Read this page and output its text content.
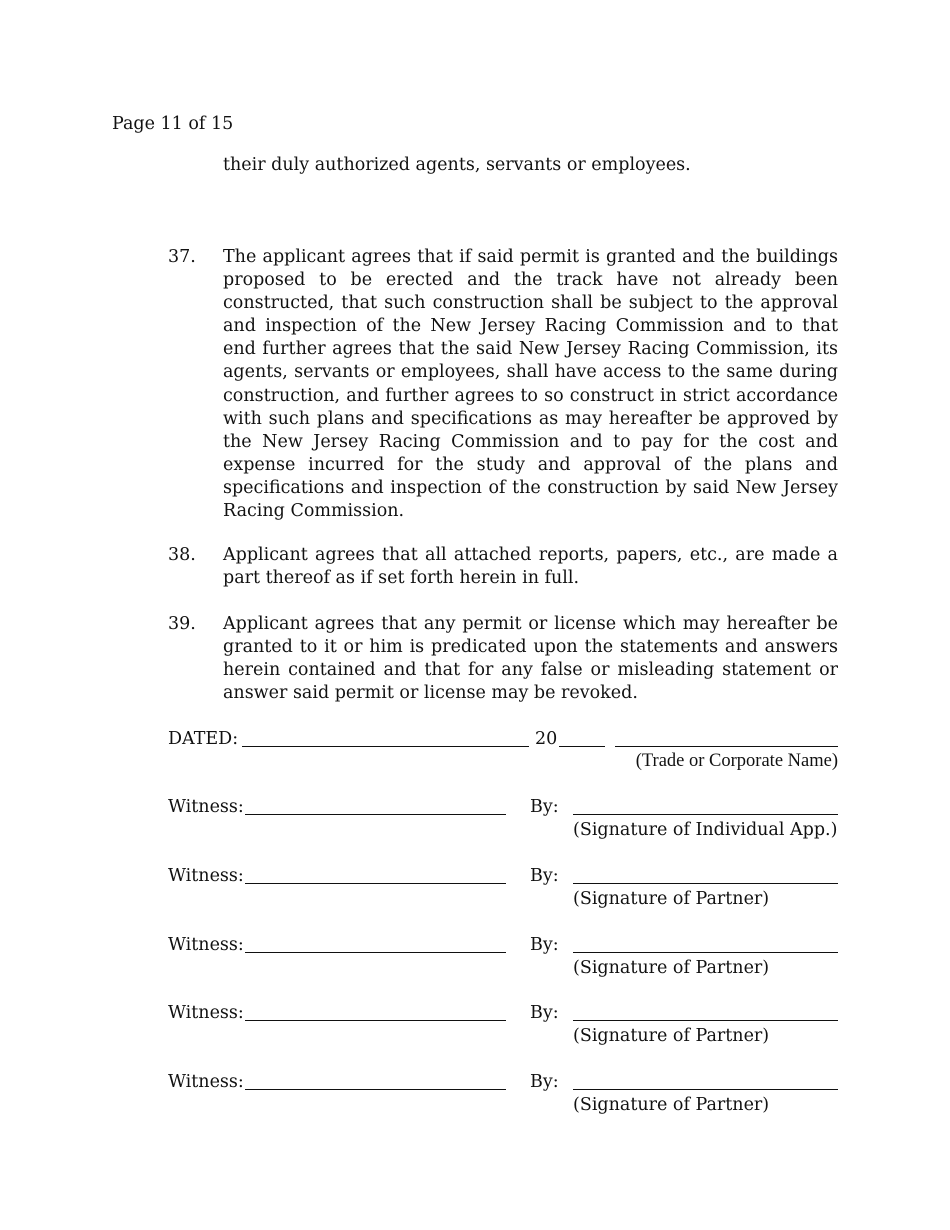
Page 11 of 15
their duly authorized agents, servants or employees.
37. The applicant agrees that if said permit is granted and the buildings proposed to be erected and the track have not already been constructed, that such construction shall be subject to the approval and inspection of the New Jersey Racing Commission and to that end further agrees that the said New Jersey Racing Commission, its agents, servants or employees, shall have access to the same during construction, and further agrees to so construct in strict accordance with such plans and specifications as may hereafter be approved by the New Jersey Racing Commission and to pay for the cost and expense incurred for the study and approval of the plans and specifications and inspection of the construction by said New Jersey Racing Commission.
38. Applicant agrees that all attached reports, papers, etc., are made a part thereof as if set forth herein in full.
39. Applicant agrees that any permit or license which may hereafter be granted to it or him is predicated upon the statements and answers herein contained and that for any false or misleading statement or answer said permit or license may be revoked.
DATED:	20
(Trade or Corporate Name)
Witness:	By:
(Signature of Individual App.)
Witness:	By:
(Signature of Partner)
Witness:	By:
(Signature of Partner)
Witness:	By:
(Signature of Partner)
Witness:	By:
(Signature of Partner)
